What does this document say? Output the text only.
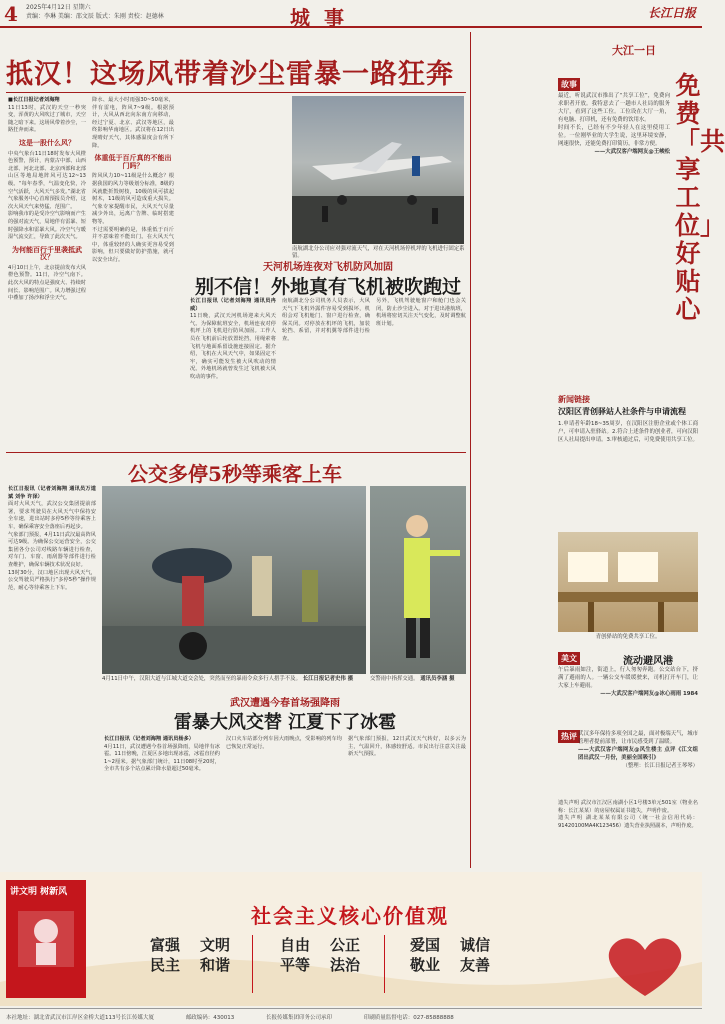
4 2025年4月12日 星期六
责编：李琳 美编：邵文辰 版式：朱刚 责校：赵德林	城事	长江日报
抵汉！这场风带着沙尘雷暴一路狂奔
■长江日报记者刘海翔
11日13时，武汉的天空一秒突变，浑黄的大风吹过了城市，天空随之暗下来。这场风带着沙尘，一路狂奔而来。
这是一股什么风？
中央气象台11日18时发布大风橙色预警，预计，内蒙古中部、山西北部、河北北部、北京西部和北部山区等地局地阵风可达12~13级。“每年春季，气温变化快，冷空气活跃，大风天气多发。”湖北省气象服务中心首席预报员介绍，这次大风天气来势猛、范围广。
影响我市的是受冷空气影响而产生的强对流天气，局地伴有雷暴、短时强降水和雷暴大风。冷空气与暖湿气流交汇，导致了此次天气。
为何能百行千里袭抵武汉？
4月10日上午，北京提前发布大风橙色预警。11日，冷空气南下。此次大风的特点是强度大、持续时间长、影响范围广。风力增强过程中叠加了扬沙和浮尘天气。
降水、最大小时雨强30~50毫米，伴有雷电，阵风7~9级。根据预计，大风从西北向东南方向移动，经过宁夏、北京、武汉等地区，最终影响华南地区。武汉将在12日出现晴好天气，其体感温度会有所下降。
体重低于百斤真的不能出门吗？
阵风风力10~11级是什么概念？根据我国的风力等级划分标准，8级的风就能折毁树枝，10级的风可拔起树木，11级的风可造成重大损失。气象专家提醒市民，大风天气尽量减少外出，远离广告牌、临时搭建物等。
不过需要明确的是，体重低于百斤并不意味着不能出门。在大风天气中，体重较轻的人确实更容易受到影响，但只要做好防护措施，就可以安全出行。
南航湖北分公司应对强对流天气，对在天河机场停机坪的飞机进行固定系留。
天河机场连夜对飞机防风加固
别不信！外地真有飞机被吹跑过
长江日报讯（记者刘海翔 通讯员冉威）
11日晚，武汉天河机场迎来大风天气。为保障航班安全，机场连夜对停机坪上的飞机进行防风加固。工作人员在飞机前后轮放置轮挡，用绳索将飞机与地面系留设施连接固定。据介绍，飞机在大风天气中，如果固定不牢，确实可能发生被大风吹动的情况。外地机场就曾发生过飞机被大风吹动的事件。
南航湖北分公司机务人员表示，大风天气下飞机外露件容易受到损坏，机组会对飞机舱门、窗户进行检查，确保关闭。对停放在机坪的飞机，加装轮挡、系留，并对机翼等部件进行检查。
另外，飞机驾驶舱窗户和舱门也会关闭，防止沙尘进入。对于进出港航班，机场将密切关注天气变化，及时调整航班计划。
公交多停5秒等乘客上车
长江日报讯（记者刘海翔 通讯员万道斌 刘争 许泽）
面对大风天气，武汉公交集团提前部署，要求驾驶员在大风天气中保持安全车速，进出站时多停5秒等待乘客上车，确保乘客安全落座后再起步。
气象部门预报，4月11日武汉最高阵风可达9级。为确保公交运营安全，公交集团各分公司对线路车辆进行检查，对车门、车窗、雨刮器等部件进行检查维护，确保车辆技术状况良好。
13时30分，汉口地区出现大风天气，公交驾驶员严格执行“多停5秒”操作规范，耐心等待乘客上下车。
4月11日中午，汉阳大道与江城大道交会处，突然而至的暴雨令众多行人措手不及。 长江日报记者史伟 摄	交警雨中指挥交通。 通讯员李涵 摄
武汉遭遇今春首场强降雨
雷暴大风交替 江夏下了冰雹
长江日报讯（记者刘海翔 通讯员杨多）
4月11日，武汉遭遇今春首场强降雨，局地伴有冰雹。11日傍晚，江夏区多地出现冰雹，冰雹直径约1~2厘米。据气象部门统计，11日08时至20时，全市共有多个站点累计降水量超过50毫米。
汉口火车站部分列车因大雨晚点，受影响的列车均已恢复正常运行。
据气象部门预报，12日武汉天气转好，以多云为主，气温回升，体感较舒适。市民出行注意关注最新天气预报。
大江一日
故事	免费「共享工位」好贴心
最近，听说武汉市推出了“共享工位”，免费向求职者开放。我特意去了一趟市人社局的服务大厅，看到了这些工位。工位设在大厅一角，有电脑、打印机，还有免费的饮用水。
时间不长，已经有不少年轻人在这里使用工位。一位刚毕业的大学生说，这里环境安静，网速很快，还能免费打印简历，非常方便。
——大武汉客户端网友@王峻松
新闻链接
汉阳区青创驿站人社条件与申请流程
1.申请者年龄18~35周岁，在汉阳区注册企业或个体工商户，可申请入驻驿站。2.符合上述条件的创业者，可向汉阳区人社局提出申请。3.审核通过后，可免费使用共享工位。
青创驿站的免费共享工位。
美文	流动避风港
午后暴雨如注，街道上，行人匆匆奔跑。公交站台下，挤满了避雨的人。一辆公交车缓缓驶来，司机打开车门，让大家上车避雨。
——大武汉客户端网友@冰心雨雨 1984
热评 武汉多年保持多项全国之最，面对极端天气，城市管理者提前部署，让市民感受到了温暖。
——大武汉客户端网友@风生楼主 点评《江文组团出武汉一月份，美丽全国吸引》
（整理：长江日报记者王琴琴）
遗失声明 武汉市江汉区南湖小区1号楼3单元501室（物业名称：长江某某）的房屋权属证书遗失，声明作废。
遗失声明 湖北某某有限公司（统一社会信用代码：91420100MA4K123456）遗失营业执照副本，声明作废。
讲文明 树新风
社会主义核心价值观
富强
民主
文明
和谐
自由
平等
公正
法治
爱国
敬业
诚信
友善
本社地址：湖北省武汉市江岸区金桥大道113号长江传媒大厦	邮政编码：430013	长报传媒集团印务公司承印	印刷质量监督电话：027-85888888
